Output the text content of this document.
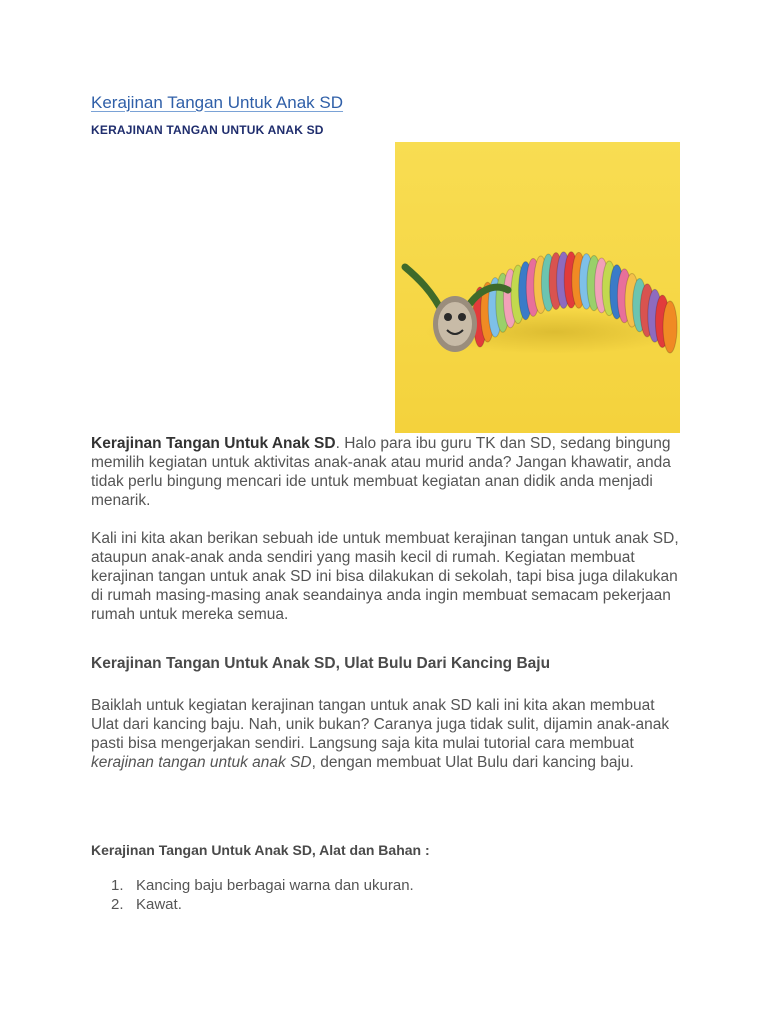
Kerajinan Tangan Untuk Anak SD
KERAJINAN TANGAN UNTUK ANAK SD

Kerajinan Tangan Untuk Anak SD. Halo para ibu guru TK dan SD, sedang bingung memilih kegiatan untuk aktivitas anak-anak atau murid anda? Jangan khawatir, anda tidak perlu bingung mencari ide untuk membuat kegiatan anan didik anda menjadi menarik.

Kali ini kita akan berikan sebuah ide untuk membuat kerajinan tangan untuk anak SD, ataupun anak-anak anda sendiri yang masih kecil di rumah. Kegiatan membuat kerajinan tangan untuk anak SD ini bisa dilakukan di sekolah, tapi bisa juga dilakukan di rumah masing-masing anak seandainya anda ingin membuat semacam pekerjaan rumah untuk mereka semua.

Kerajinan Tangan Untuk Anak SD, Ulat Bulu Dari Kancing Baju

Baiklah untuk kegiatan kerajinan tangan untuk anak SD kali ini kita akan membuat Ulat dari kancing baju. Nah, unik bukan? Caranya juga tidak sulit, dijamin anak-anak pasti bisa mengerjakan sendiri. Langsung saja kita mulai tutorial cara membuat kerajinan tangan untuk anak SD, dengan membuat Ulat Bulu dari kancing baju.

Kerajinan Tangan Untuk Anak SD, Alat dan Bahan :
1. Kancing baju berbagai warna dan ukuran.
2. Kawat.
